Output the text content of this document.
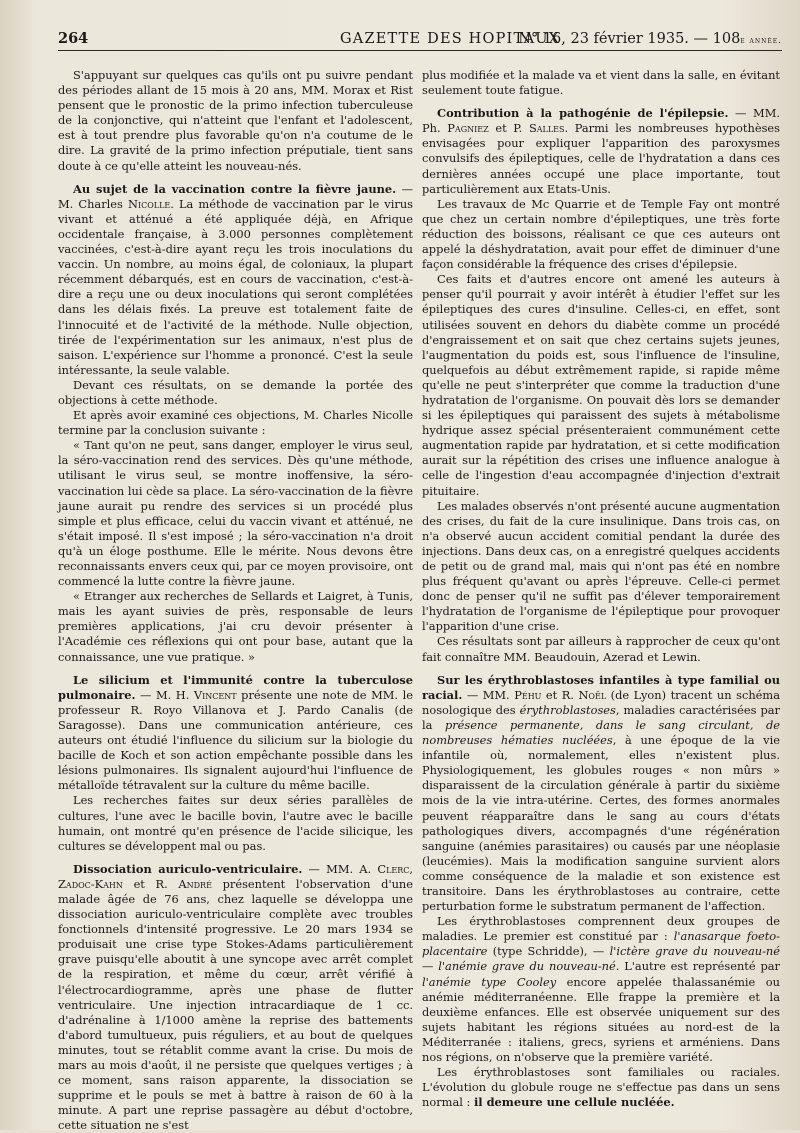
264	GAZETTE DES HOPITAUX
N° 16, 23 février 1935. — 108e année.

S'appuyant sur quelques cas qu'ils ont pu suivre pendant des périodes allant de 15 mois à 20 ans, MM. Morax et Rist pensent que le pronostic de la primo infection tuberculeuse de la conjonctive, qui n'atteint que l'enfant et l'adolescent, est à tout prendre plus favorable qu'on n'a coutume de le dire. La gravité de la primo infection préputiale, tient sans doute à ce qu'elle atteint les nouveau-nés.

Au sujet de la vaccination contre la fièvre jaune. — M. Charles Nicolle. La méthode de vaccination par le virus vivant et atténué a été appliquée déjà, en Afrique occidentale française, à 3.000 personnes complètement vaccinées, c'est-à-dire ayant reçu les trois inoculations du vaccin. Un nombre, au moins égal, de coloniaux, la plupart récemment débarqués, est en cours de vaccination, c'est-à-dire a reçu une ou deux inoculations qui seront complétées dans les délais fixés. La preuve est totalement faite de l'innocuité et de l'activité de la méthode. Nulle objection, tirée de l'expérimentation sur les animaux, n'est plus de saison. L'expérience sur l'homme a prononcé. C'est la seule intéressante, la seule valable.

Devant ces résultats, on se demande la portée des objections à cette méthode.

Et après avoir examiné ces objections, M. Charles Nicolle termine par la conclusion suivante :

« Tant qu'on ne peut, sans danger, employer le virus seul, la séro-vaccination rend des services. Dès qu'une méthode, utilisant le virus seul, se montre inoffensive, la séro-vaccination lui cède sa place. La séro-vaccination de la fièvre jaune aurait pu rendre des services si un procédé plus simple et plus efficace, celui du vaccin vivant et atténué, ne s'était imposé. Il s'est imposé ; la séro-vaccination n'a droit qu'à un éloge posthume. Elle le mérite. Nous devons être reconnaissants envers ceux qui, par ce moyen provisoire, ont commencé la lutte contre la fièvre jaune.

« Etranger aux recherches de Sellards et Laigret, à Tunis, mais les ayant suivies de près, responsable de leurs premières applications, j'ai cru devoir présenter à l'Académie ces réflexions qui ont pour base, autant que la connaissance, une vue pratique. »

Le silicium et l'immunité contre la tuberculose pulmonaire. — M. H. Vincent présente une note de MM. le professeur R. Royo Villanova et J. Pardo Canalis (de Saragosse). Dans une communication antérieure, ces auteurs ont étudié l'influence du silicium sur la biologie du bacille de Koch et son action empêchante possible dans les lésions pulmonaires. Ils signalent aujourd'hui l'influence de métalloïde tétravalent sur la culture du même bacille.

Les recherches faites sur deux séries parallèles de cultures, l'une avec le bacille bovin, l'autre avec le bacille humain, ont montré qu'en présence de l'acide silicique, les cultures se développent mal ou pas.

Dissociation auriculo-ventriculaire. — MM. A. Clerc, Zadoc-Kahn et R. André présentent l'observation d'une malade âgée de 76 ans, chez laquelle se développa une dissociation auriculo-ventriculaire complète avec troubles fonctionnels d'intensité progressive. Le 20 mars 1934 se produisait une crise type Stokes-Adams particulièrement grave puisqu'elle aboutit à une syncope avec arrêt complet de la respiration, et même du cœur, arrêt vérifié à l'électrocardiogramme, après une phase de flutter ventriculaire. Une injection intracardiaque de 1 cc. d'adrénaline à 1/1000 amène la reprise des battements d'abord tumultueux, puis réguliers, et au bout de quelques minutes, tout se rétablit comme avant la crise. Du mois de mars au mois d'août, il ne persiste que quelques vertiges ; à ce moment, sans raison apparente, la dissociation se supprime et le pouls se met à battre à raison de 60 à la minute. A part une reprise passagère au début d'octobre, cette situation ne s'est

plus modifiée et la malade va et vient dans la salle, en évitant seulement toute fatigue.

Contribution à la pathogénie de l'épilepsie. — MM. Ph. Pagniez et P. Salles. Parmi les nombreuses hypothèses envisagées pour expliquer l'apparition des paroxysmes convulsifs des épileptiques, celle de l'hydratation a dans ces dernières années occupé une place importante, tout particulièrement aux Etats-Unis.

Les travaux de Mc Quarrie et de Temple Fay ont montré que chez un certain nombre d'épileptiques, une très forte réduction des boissons, réalisant ce que ces auteurs ont appelé la déshydratation, avait pour effet de diminuer d'une façon considérable la fréquence des crises d'épilepsie.

Ces faits et d'autres encore ont amené les auteurs à penser qu'il pourrait y avoir intérêt à étudier l'effet sur les épileptiques des cures d'insuline. Celles-ci, en effet, sont utilisées souvent en dehors du diabète comme un procédé d'engraissement et on sait que chez certains sujets jeunes, l'augmentation du poids est, sous l'influence de l'insuline, quelquefois au début extrêmement rapide, si rapide même qu'elle ne peut s'interpréter que comme la traduction d'une hydratation de l'organisme. On pouvait dès lors se demander si les épileptiques qui paraissent des sujets à métabolisme hydrique assez spécial présenteraient communément cette augmentation rapide par hydratation, et si cette modification aurait sur la répétition des crises une influence analogue à celle de l'ingestion d'eau accompagnée d'injection d'extrait pituitaire.

Les malades observés n'ont présenté aucune augmentation des crises, du fait de la cure insulinique. Dans trois cas, on n'a observé aucun accident comitial pendant la durée des injections. Dans deux cas, on a enregistré quelques accidents de petit ou de grand mal, mais qui n'ont pas été en nombre plus fréquent qu'avant ou après l'épreuve. Celle-ci permet donc de penser qu'il ne suffit pas d'élever temporairement l'hydratation de l'organisme de l'épileptique pour provoquer l'apparition d'une crise.

Ces résultats sont par ailleurs à rapprocher de ceux qu'ont fait connaître MM. Beaudouin, Azerad et Lewin.

Sur les érythroblastoses infantiles à type familial ou racial. — MM. Péhu et R. Noël (de Lyon) tracent un schéma nosologique des érythroblastoses, maladies caractérisées par la présence permanente, dans le sang circulant, de nombreuses hématies nucléées, à une époque de la vie infantile où, normalement, elles n'existent plus. Physiologiquement, les globules rouges « non mûrs » disparaissent de la circulation générale à partir du sixième mois de la vie intra-utérine. Certes, des formes anormales peuvent réapparaître dans le sang au cours d'états pathologiques divers, accompagnés d'une régénération sanguine (anémies parasitaires) ou causés par une néoplasie (leucémies). Mais la modification sanguine survient alors comme conséquence de la maladie et son existence est transitoire. Dans les érythroblastoses au contraire, cette perturbation forme le substratum permanent de l'affection.

Les érythroblastoses comprennent deux groupes de maladies. Le premier est constitué par : l'anasarque foeto-placentaire (type Schridde), — l'ictère grave du nouveau-né — l'anémie grave du nouveau-né. L'autre est représenté par l'anémie type Cooley encore appelée thalassanémie ou anémie méditerranéenne. Elle frappe la première et la deuxième enfances. Elle est observée uniquement sur des sujets habitant les régions situées au nord-est de la Méditerranée : italiens, grecs, syriens et arméniens. Dans nos régions, on n'observe que la première variété.

Les érythroblastoses sont familiales ou raciales. L'évolution du globule rouge ne s'effectue pas dans un sens normal : il demeure une cellule nucléée.
